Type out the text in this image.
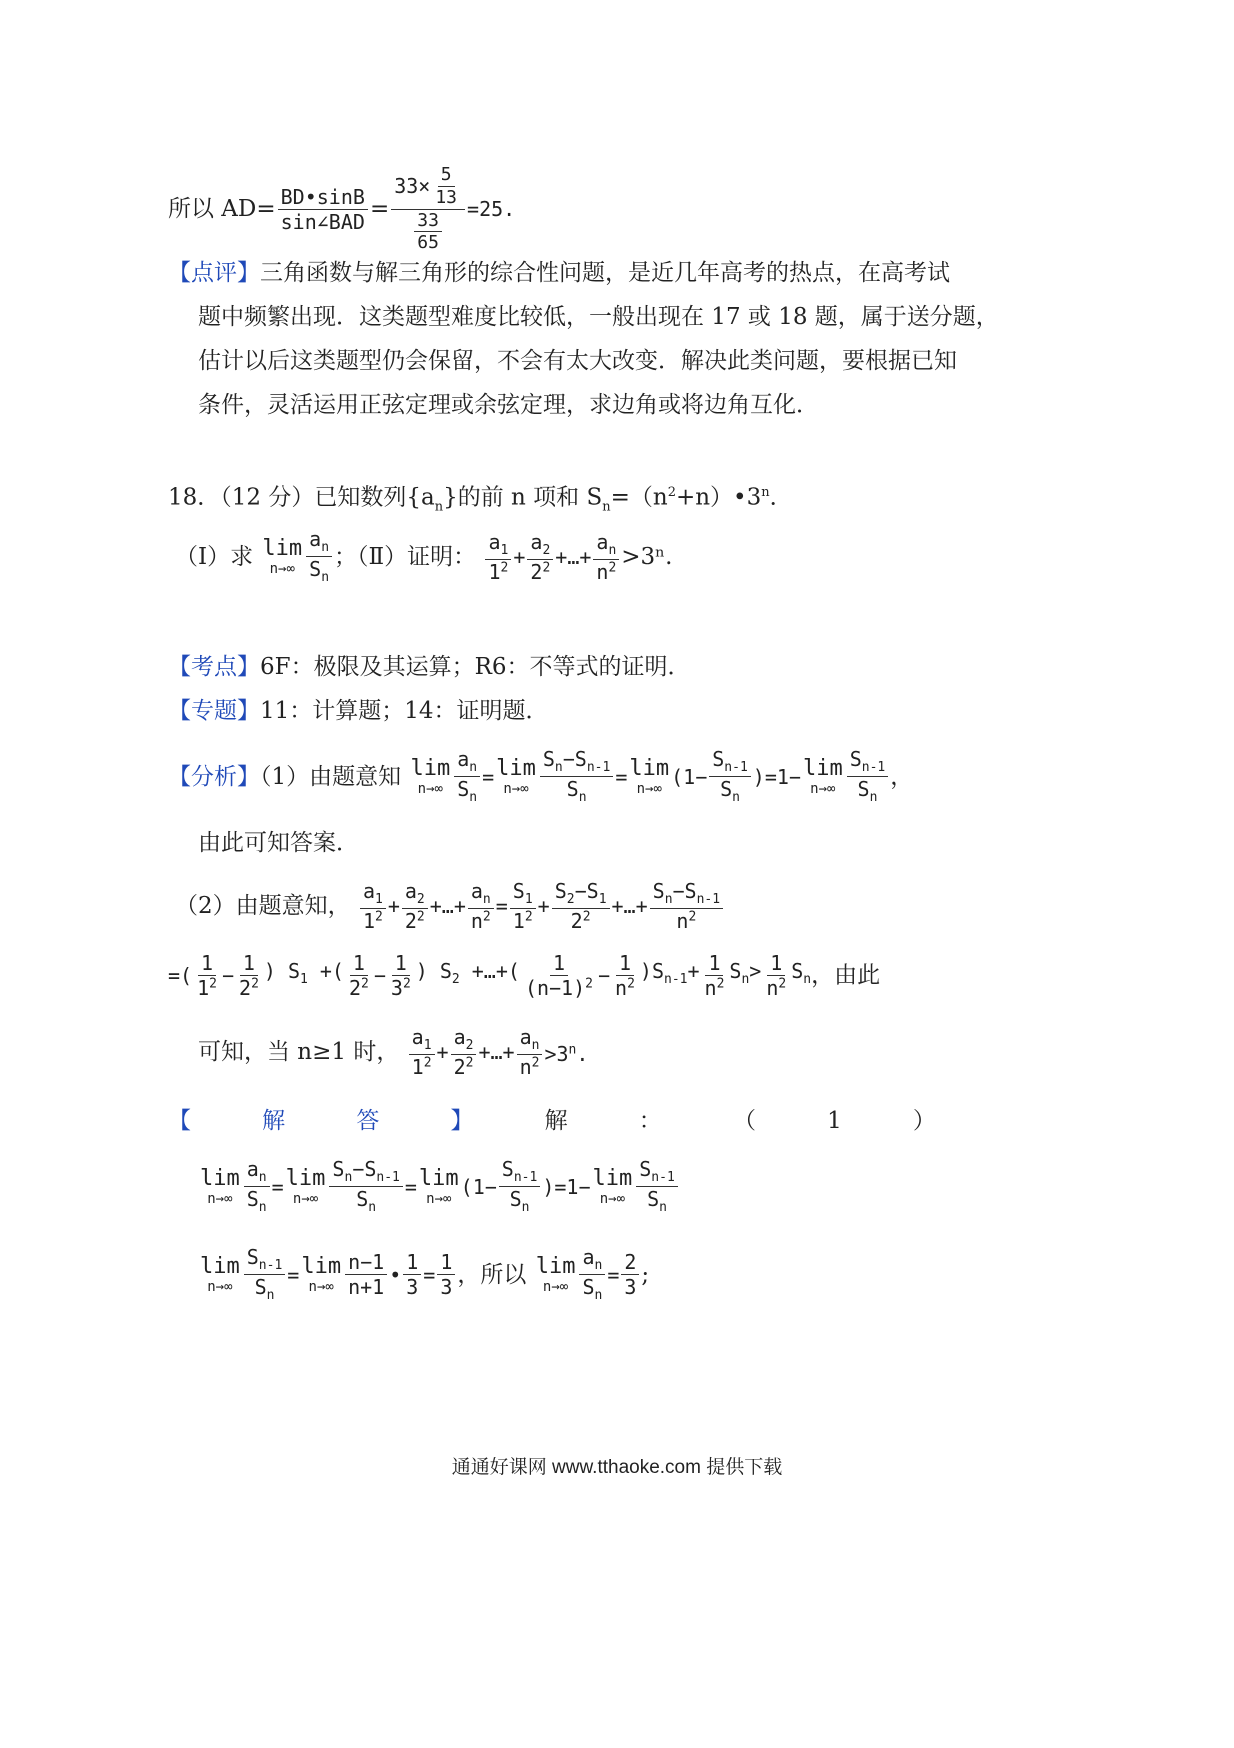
所以 $AD= \frac{BD•\sin B}{\text{sin∠BAD}} = \frac{33\times \frac{5}{13}}{\frac{33}{65}} =25$.
【点评】三角函数与解三角形的综合性问题，是近几年高考的热点，在高考试
题中频繁出现．这类题型难度比较低，一般出现在 17 或 18 题，属于送分题，
估计以后这类题型仍会保留，不会有太大改变．解决此类问题，要根据已知
条件，灵活运用正弦定理或余弦定理，求边角或将边角互化．
18．（12 分）已知数列$\{a_n\}$的前 n 项和 $S_n=(n^2+n)•3^n$．
（Ⅰ）求 lim
$n\to\infty \frac{a_n}{S_n}$ ；（Ⅱ）证明： $\frac{a_1}{1^2} + \frac{a_2}{2^2}$ +…+ $\frac{a_n}{n^2} >3^n$.
【考点】6F：极限及其运算；R6：不等式的证明．
【专题】11：计算题；14：证明题．
【分析】（1）由题意知 lim
$n\to\infty \frac{a_n}{S_n} = \lim$
$n\to\infty \frac{S_n-S_{n-1}}{S_n} = \lim$
n→∞ $(1- \frac{S_{n-1}}{S_n} )=1- \lim$
$n\to\infty \frac{S_{n-1}}{S_n}$ ，
由此可知答案．
（2）由题意知， $\frac{a_1}{1^2} + \frac{a_2}{2^2}$ +…+ $\frac{a_n}{n^2} = \frac{S_1}{1^2} + \frac{S_2-S_1}{2^2}$ +…+ $\frac{S_n-S_{n-1}}{n^2}$
=( $\frac{1}{1^2} - \frac{1}{2^2}$ ) $S_1$ +( $\frac{1}{2^2} - \frac{1}{3^2}$ ) $S_2$ +…+( $\frac{1}{(n-1)^2} - \frac{1}{n^2} )S_{n-1}+ \frac{1}{n^2} S_n> \frac{1}{n^2} S_n$，由此
可知，当 n≥1 时， $\frac{a_1}{1^2} + \frac{a_2}{2^2}$ +…+ $\frac{a_n}{n^2} >3^n$.
【	解	答	】	解	：	（	1	）
lim
$n\to\infty \frac{a_n}{S_n} = \lim$
$n\to\infty \frac{S_n-S_{n-1}}{S_n} = \lim$
n→∞ $(1- \frac{S_{n-1}}{S_n} )=1- \lim$
$n\to\infty \frac{S_{n-1}}{S_n}$
lim
$n\to\infty \frac{S_{n-1}}{S_n} = \lim$
$n\to\infty \frac{n-1}{n+1}$ • $\frac{1}{3} = \frac{1}{3}$ ，所以 lim
$n\to\infty \frac{a_n}{S_n} = \frac{2}{3}$ ;
通通好课网 www.tthaoke.com 提供下载
